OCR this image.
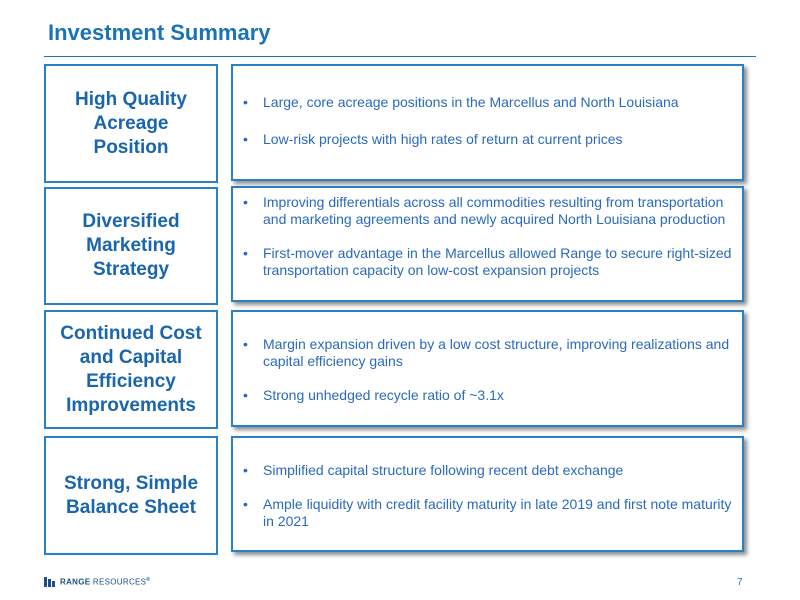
Investment Summary
High Quality Acreage Position
• Large, core acreage positions in the Marcellus and North Louisiana
• Low-risk projects with high rates of return at current prices
Diversified Marketing Strategy
• Improving differentials across all commodities resulting from transportation and marketing agreements and newly acquired North Louisiana production
• First-mover advantage in the Marcellus allowed Range to secure right-sized transportation capacity on low-cost expansion projects
Continued Cost and Capital Efficiency Improvements
• Margin expansion driven by a low cost structure, improving realizations and capital efficiency gains
• Strong unhedged recycle ratio of ~3.1x
Strong, Simple Balance Sheet
• Simplified capital structure following recent debt exchange
• Ample liquidity with credit facility maturity in late 2019 and first note maturity in 2021
RANGE RESOURCES®	7
